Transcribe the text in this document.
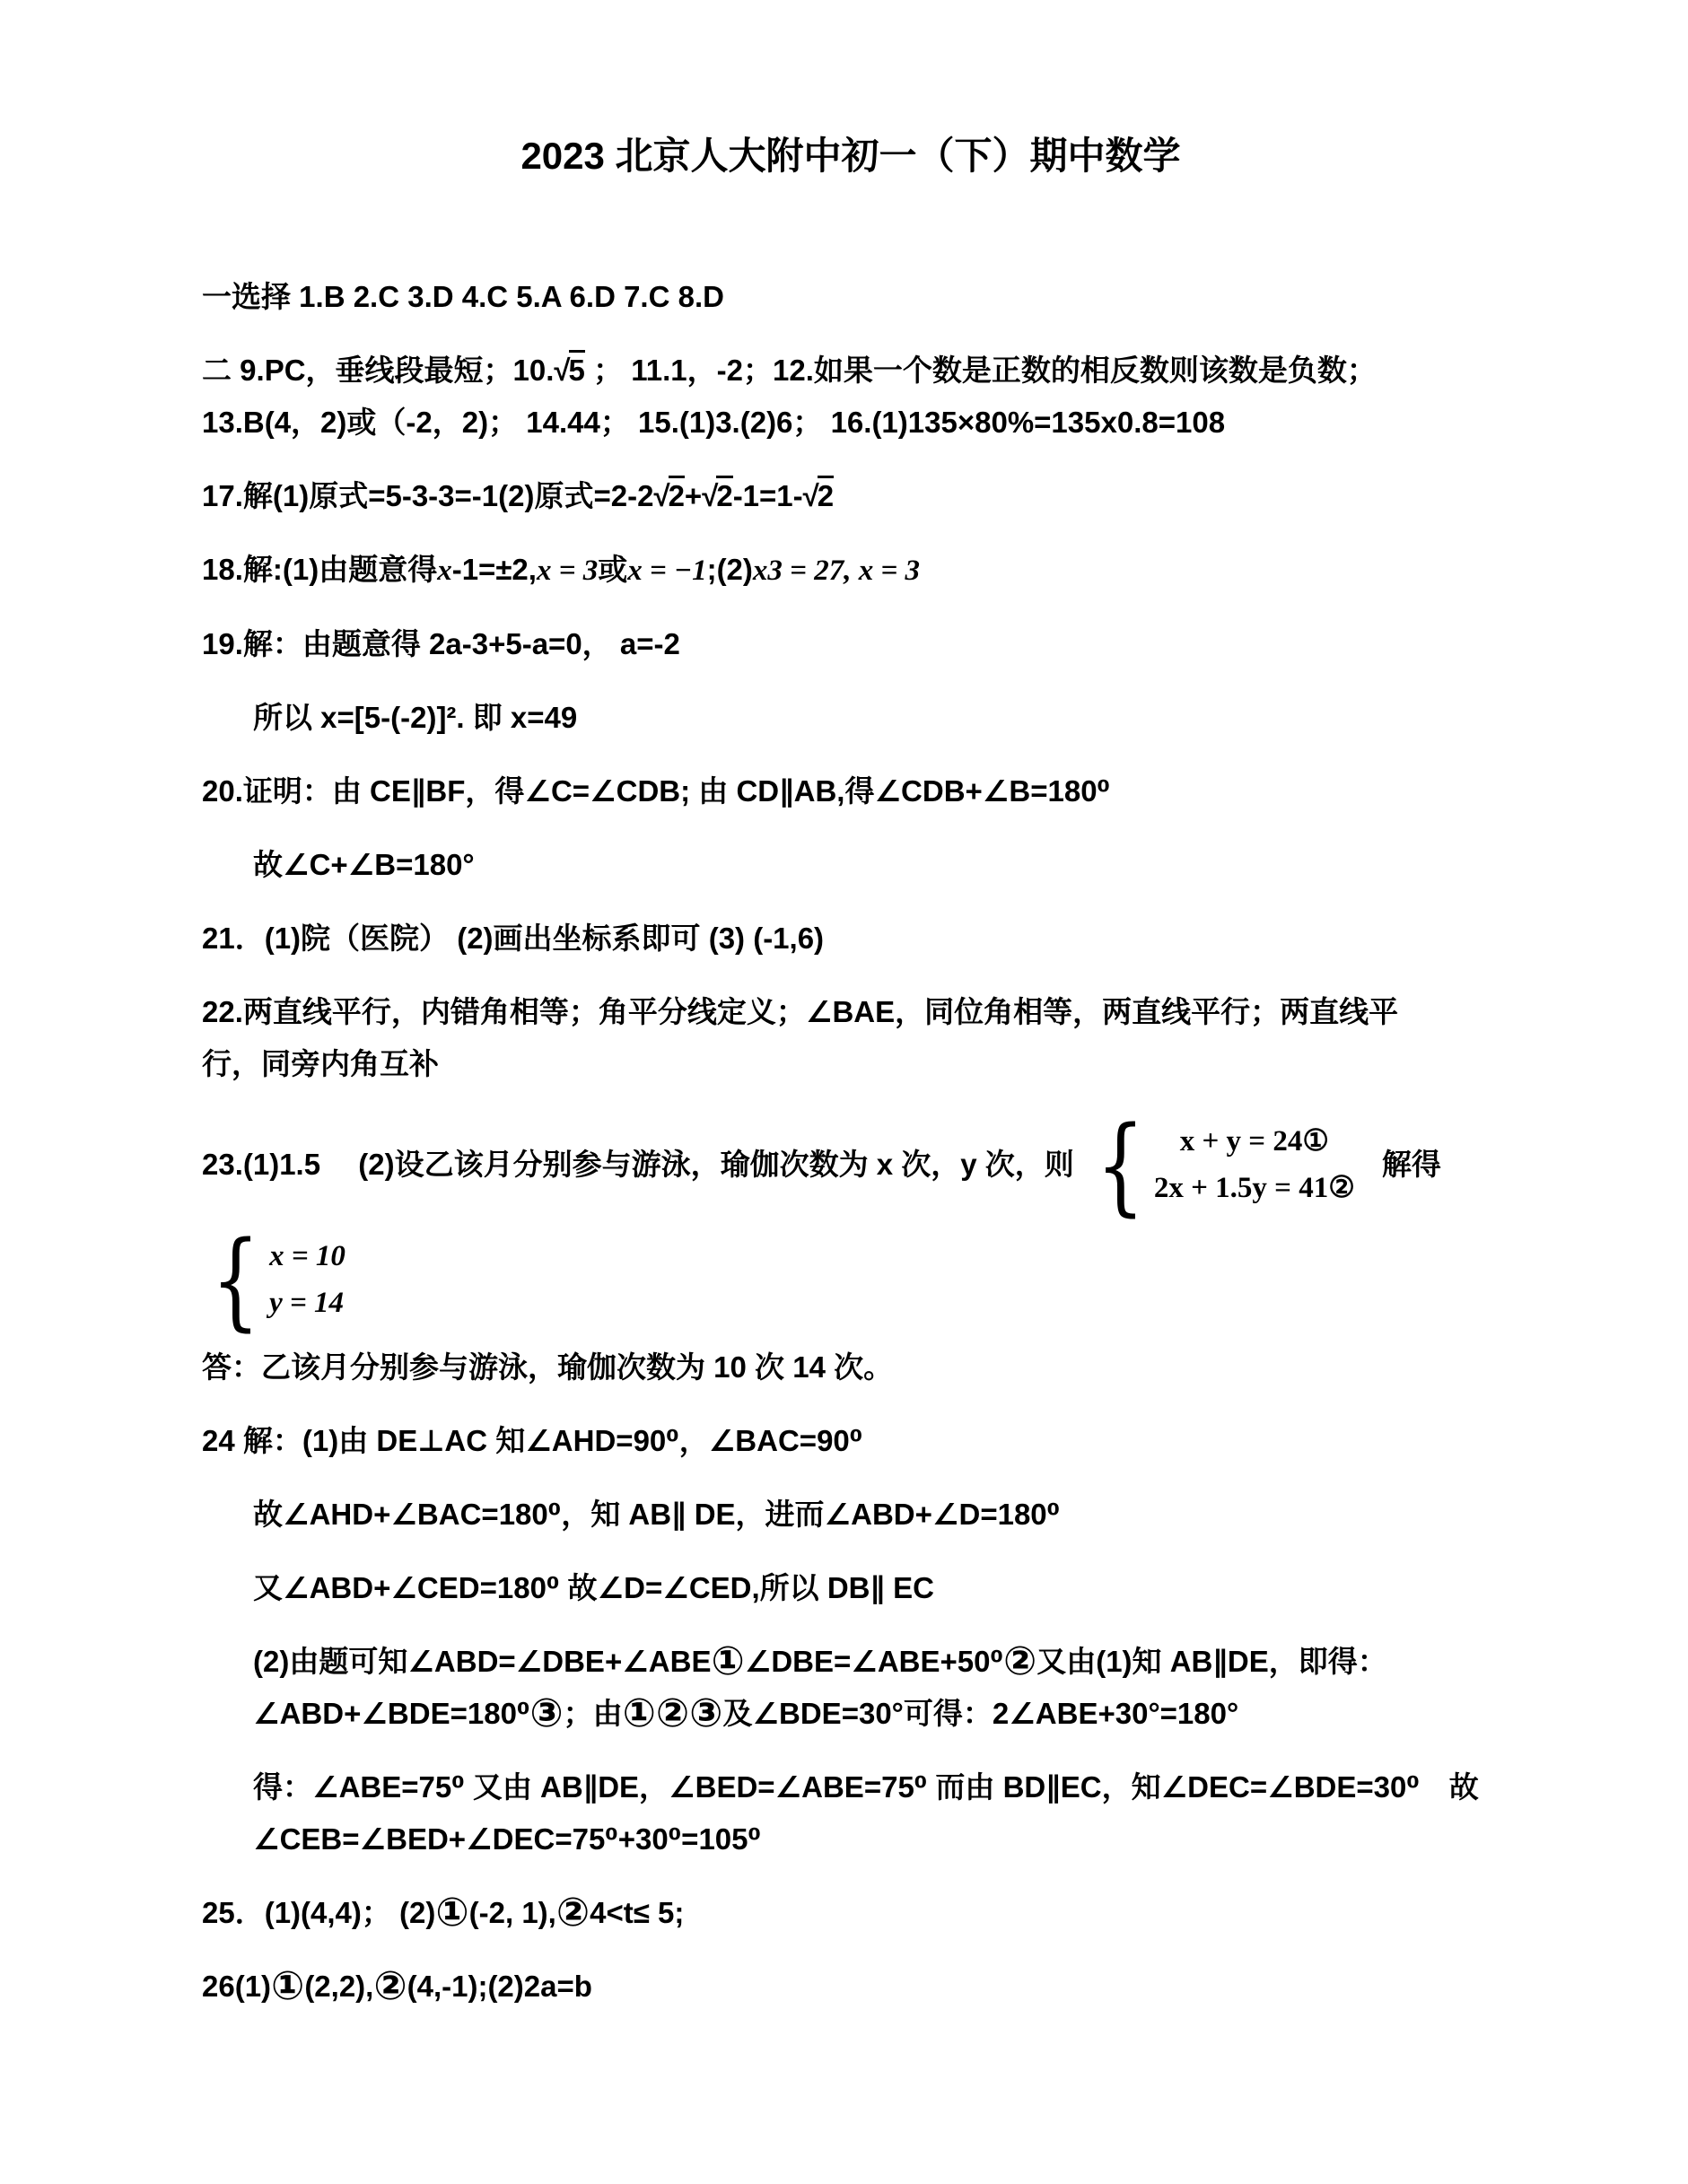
2023 北京人大附中初一（下）期中数学
一选择 1.B 2.C 3.D 4.C 5.A 6.D 7.C 8.D
二 9.PC，垂线段最短；10.√5 ； 11.1，-2；12.如果一个数是正数的相反数则该数是负数；
13.B(4，2)或（-2，2)； 14.44； 15.(1)3.(2)6； 16.(1)135×80%=135x0.8=108
17.解(1)原式=5-3-3=-1(2)原式=2-2√2+√2-1=1-√2
18.解:(1)由题意得x-1=±2,x = 3或x = −1;(2)x3 = 27, x = 3
19.解：由题意得 2a-3+5-a=0， a=-2
所以 x=[5-(-2)]². 即 x=49
20.证明：由 CE∥BF，得∠C=∠CDB; 由 CD∥AB,得∠CDB+∠B=180⁰
故∠C+∠B=180°
21．(1)院（医院） (2)画出坐标系即可 (3) (-1,6)
22.两直线平行，内错角相等；角平分线定义；∠BAE，同位角相等，两直线平行；两直线平
行，同旁内角互补
23.(1)1.5　 (2)设乙该月分别参与游泳，瑜伽次数为 x 次，y 次，则 { x + y = 24①
2x + 1.5y = 41②
解得
{ x = 10
y = 14
答：乙该月分别参与游泳，瑜伽次数为 10 次 14 次。
24 解：(1)由 DE⊥AC 知∠AHD=90⁰，∠BAC=90⁰
故∠AHD+∠BAC=180⁰，知 AB∥ DE，进而∠ABD+∠D=180⁰
又∠ABD+∠CED=180⁰ 故∠D=∠CED,所以 DB∥ EC
(2)由题可知∠ABD=∠DBE+∠ABE①∠DBE=∠ABE+50⁰②又由(1)知 AB∥DE，即得：
∠ABD+∠BDE=180⁰③；由①②③及∠BDE=30°可得：2∠ABE+30°=180°
得：∠ABE=75⁰ 又由 AB∥DE，∠BED=∠ABE=75⁰ 而由 BD∥EC，知∠DEC=∠BDE=30⁰　故
∠CEB=∠BED+∠DEC=75⁰+30⁰=105⁰
25．(1)(4,4)； (2)①(-2, 1),②4<t≤ 5;
26(1)①(2,2),②(4,-1);(2)2a=b
